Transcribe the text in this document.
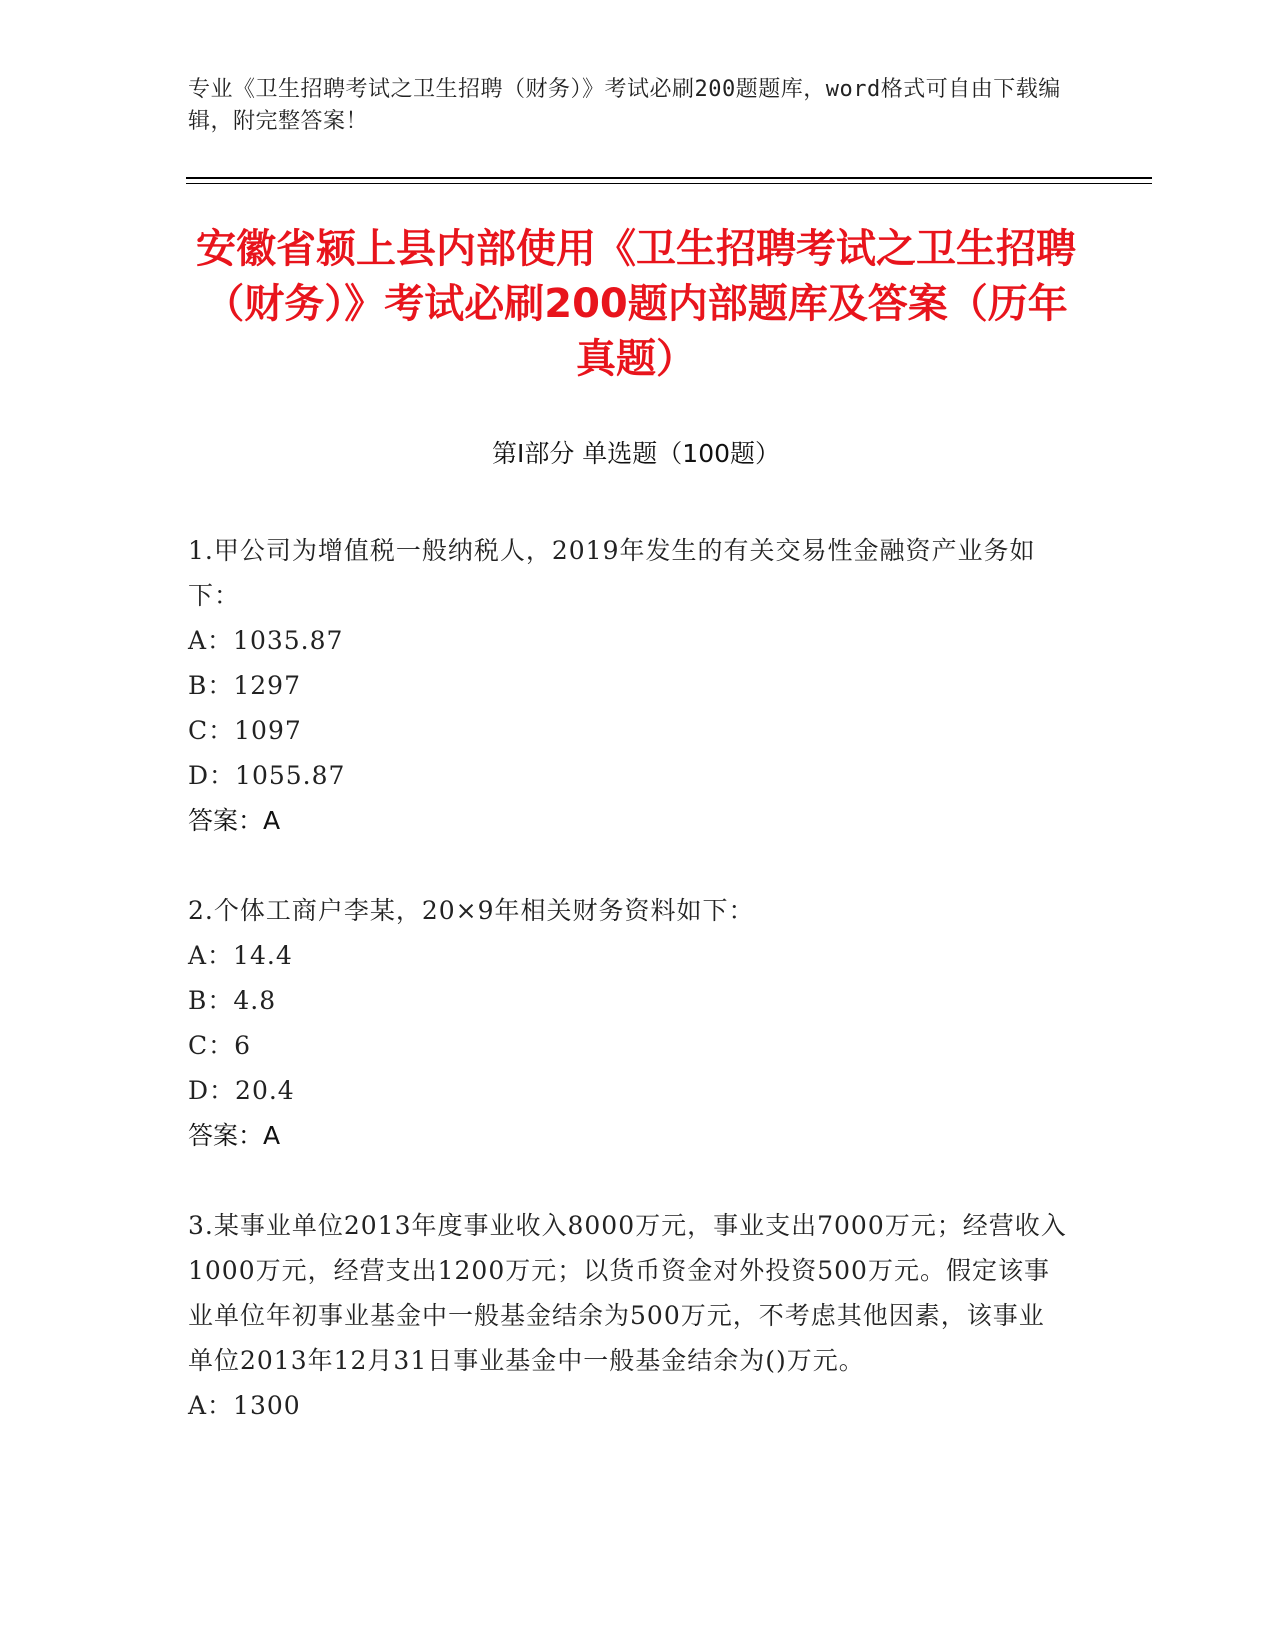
专业《卫生招聘考试之卫生招聘（财务）》考试必刷200题题库，word格式可自由下载编辑，附完整答案！
安徽省颍上县内部使用《卫生招聘考试之卫生招聘（财务）》考试必刷200题内部题库及答案（历年真题）
第I部分 单选题（100题）

1.甲公司为增值税一般纳税人，2019年发生的有关交易性金融资产业务如下：

A：1035.87

B：1297

C：1097

D：1055.87

答案：A

2.个体工商户李某，20×9年相关财务资料如下：

A：14.4

B：4.8

C：6

D：20.4

答案：A

3.某事业单位2013年度事业收入8000万元，事业支出7000万元；经营收入1000万元，经营支出1200万元；以货币资金对外投资500万元。假定该事业单位年初事业基金中一般基金结余为500万元，不考虑其他因素，该事业单位2013年12月31日事业基金中一般基金结余为()万元。

A：1300
